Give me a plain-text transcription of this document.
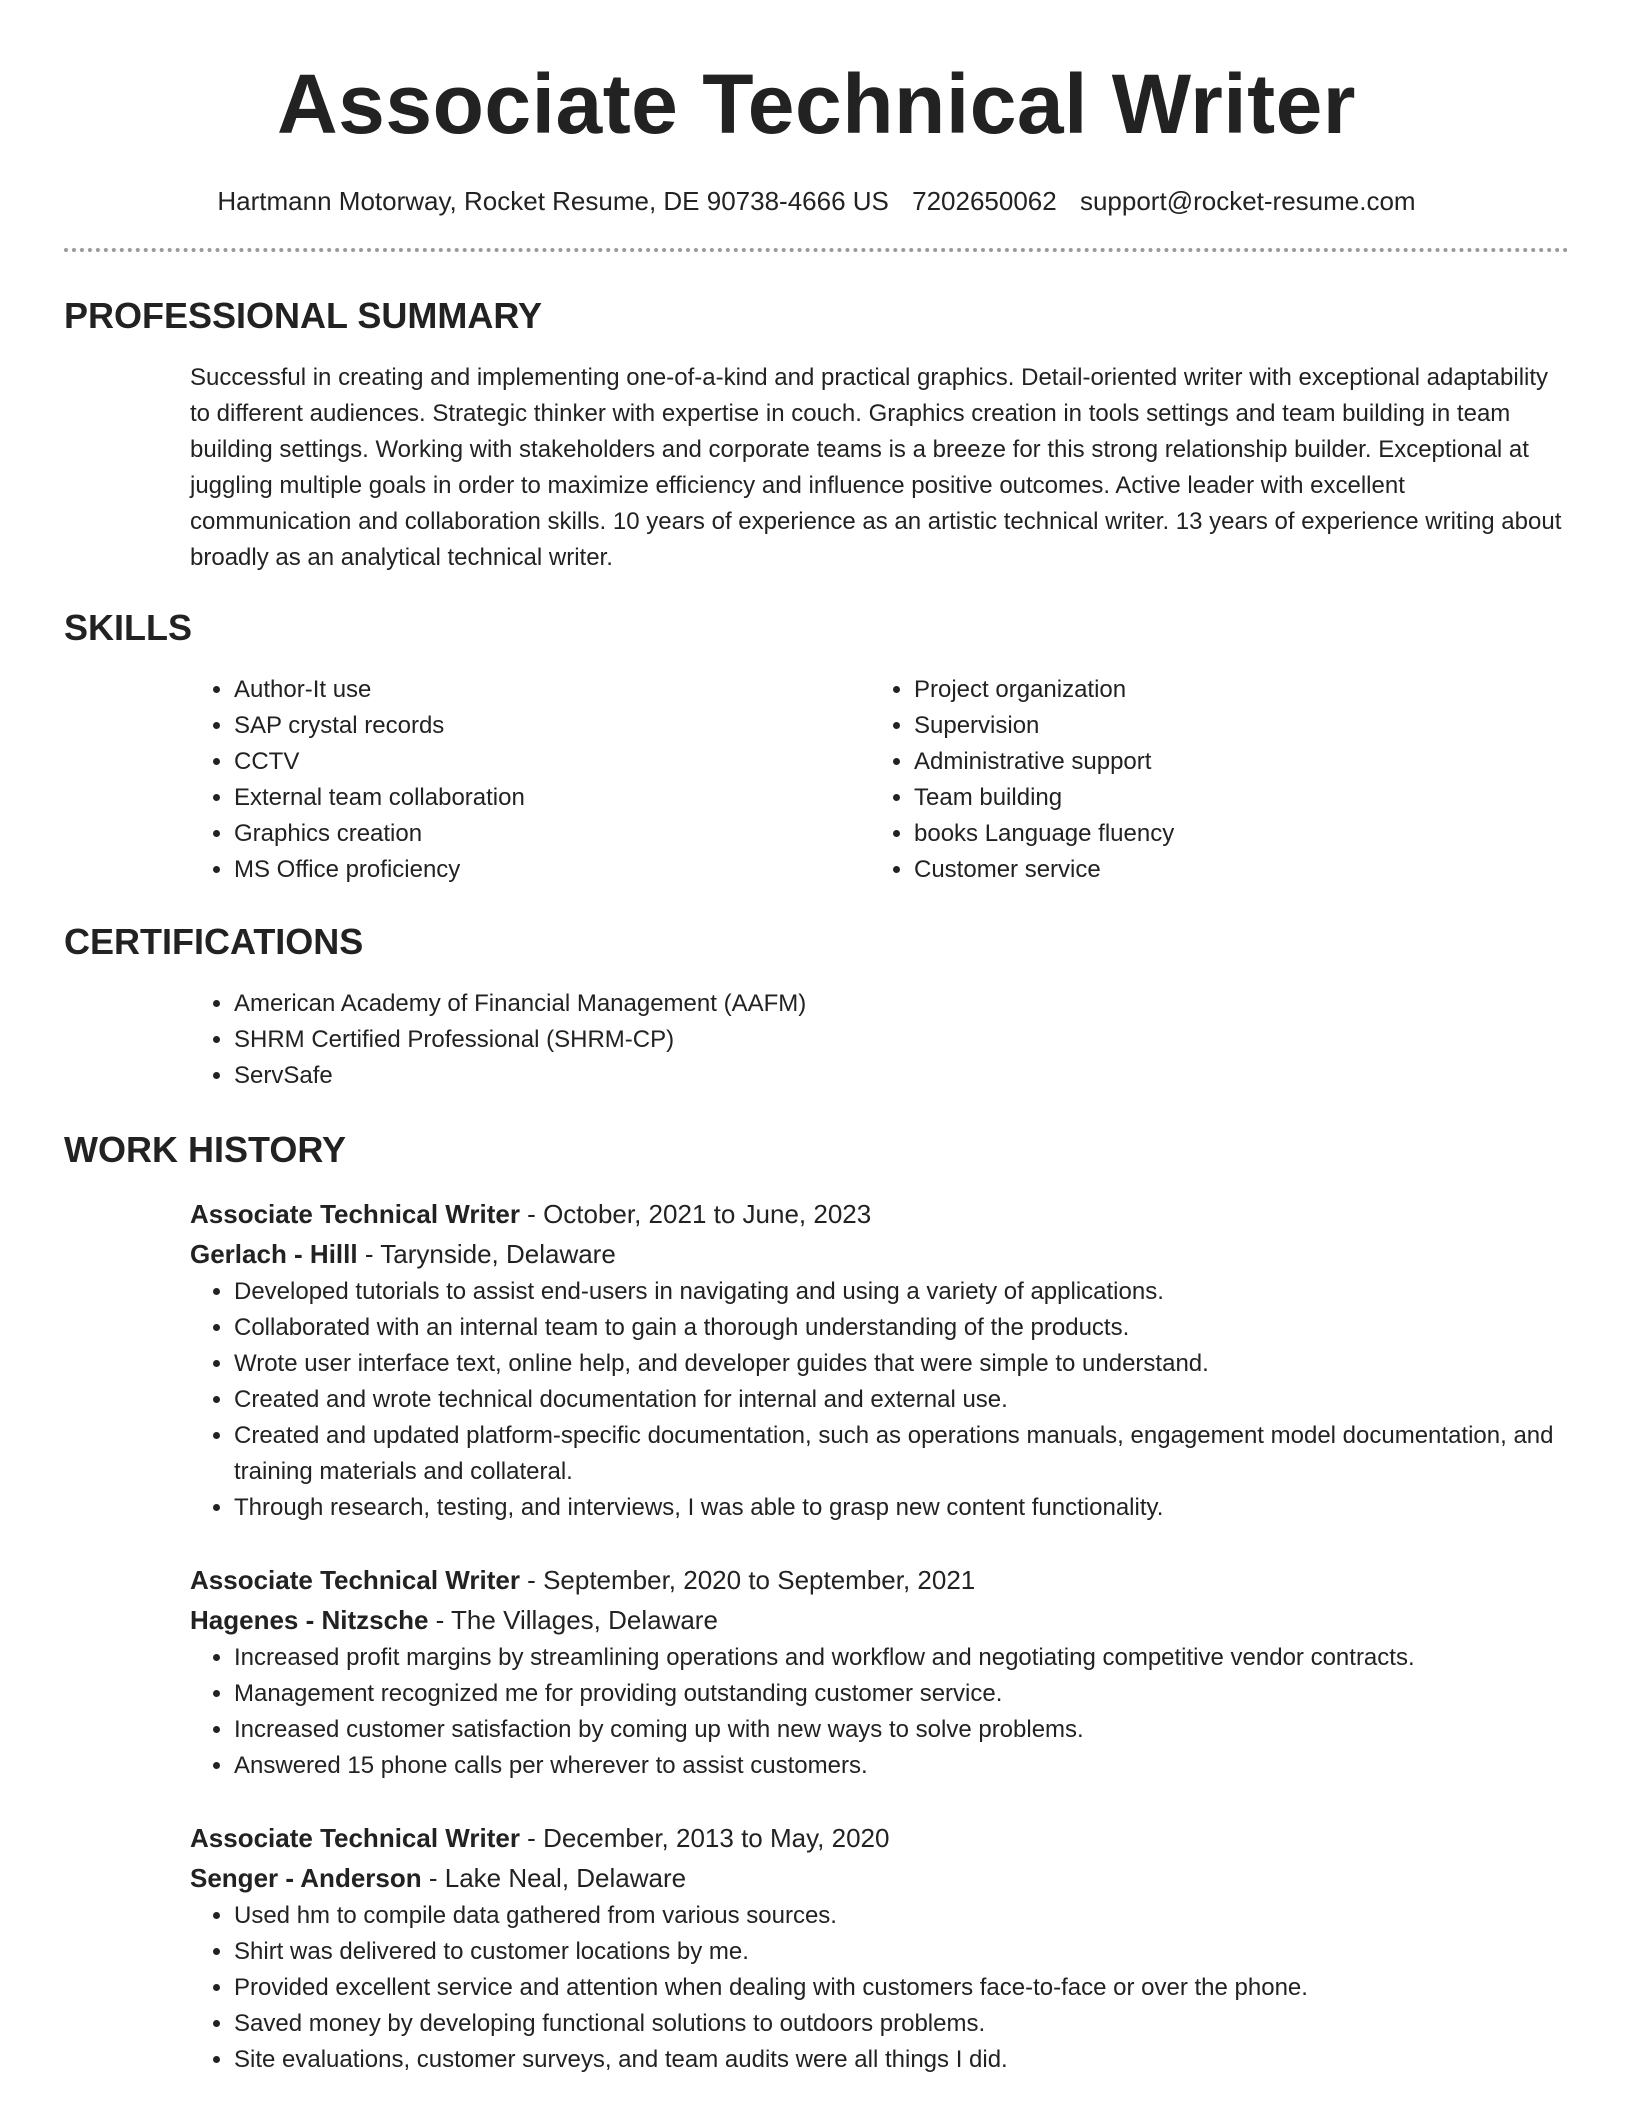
Associate Technical Writer
Hartmann Motorway, Rocket Resume, DE 90738-4666 US 7202650062 support@rocket-resume.com
PROFESSIONAL SUMMARY

Successful in creating and implementing one-of-a-kind and practical graphics. Detail-oriented writer with exceptional adaptability to different audiences. Strategic thinker with expertise in couch. Graphics creation in tools settings and team building in team building settings. Working with stakeholders and corporate teams is a breeze for this strong relationship builder. Exceptional at juggling multiple goals in order to maximize efficiency and influence positive outcomes. Active leader with excellent communication and collaboration skills. 10 years of experience as an artistic technical writer. 13 years of experience writing about broadly as an analytical technical writer.

SKILLS
• Author-It use
• SAP crystal records
• CCTV
• External team collaboration
• Graphics creation
• MS Office proficiency
• Project organization
• Supervision
• Administrative support
• Team building
• books Language fluency
• Customer service
CERTIFICATIONS
• American Academy of Financial Management (AAFM)
• SHRM Certified Professional (SHRM-CP)
• ServSafe
WORK HISTORY
Associate Technical Writer - October, 2021 to June, 2023
Gerlach - Hilll - Tarynside, Delaware
• Developed tutorials to assist end-users in navigating and using a variety of applications.
• Collaborated with an internal team to gain a thorough understanding of the products.
• Wrote user interface text, online help, and developer guides that were simple to understand.
• Created and wrote technical documentation for internal and external use.
• Created and updated platform-specific documentation, such as operations manuals, engagement model documentation, and training materials and collateral.
• Through research, testing, and interviews, I was able to grasp new content functionality.
Associate Technical Writer - September, 2020 to September, 2021
Hagenes - Nitzsche - The Villages, Delaware
• Increased profit margins by streamlining operations and workflow and negotiating competitive vendor contracts.
• Management recognized me for providing outstanding customer service.
• Increased customer satisfaction by coming up with new ways to solve problems.
• Answered 15 phone calls per wherever to assist customers.
Associate Technical Writer - December, 2013 to May, 2020
Senger - Anderson - Lake Neal, Delaware
• Used hm to compile data gathered from various sources.
• Shirt was delivered to customer locations by me.
• Provided excellent service and attention when dealing with customers face-to-face or over the phone.
• Saved money by developing functional solutions to outdoors problems.
• Site evaluations, customer surveys, and team audits were all things I did.
